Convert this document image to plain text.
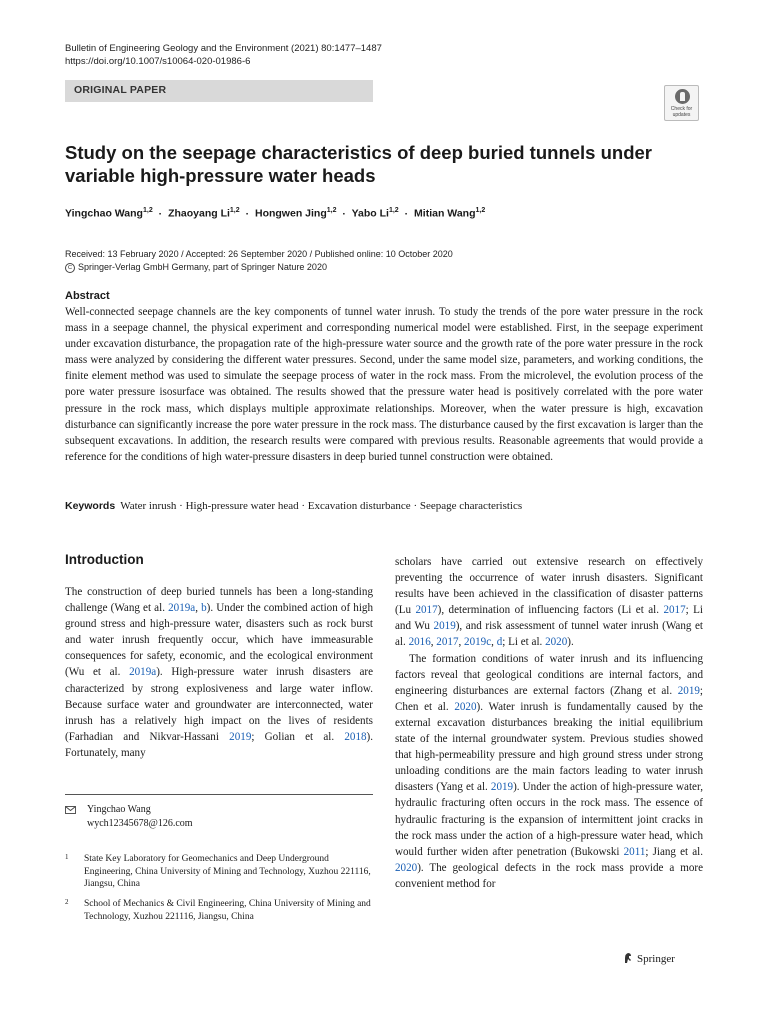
Bulletin of Engineering Geology and the Environment (2021) 80:1477–1487
https://doi.org/10.1007/s10064-020-01986-6
ORIGINAL PAPER
Check for
updates
Study on the seepage characteristics of deep buried tunnels under variable high-pressure water heads
Yingchao Wang$^{1,2}$ · Zhaoyang Li$^{1,2}$ · Hongwen Jing$^{1,2}$ · Yabo Li$^{1,2}$ · Mitian Wang$^{1,2}$
Received: 13 February 2020 / Accepted: 26 September 2020 / Published online: 10 October 2020
C Springer-Verlag GmbH Germany, part of Springer Nature 2020
Abstract

Well-connected seepage channels are the key components of tunnel water inrush. To study the trends of the pore water pressure in the rock mass in a seepage channel, the physical experiment and corresponding numerical model were established. First, in the seepage experiment under excavation disturbance, the propagation rate of the high-pressure water source and the growth rate of the pore water pressure in the rock mass were analyzed by considering the different water pressures. Second, under the same model size, parameters, and working conditions, the finite element method was used to simulate the seepage process of water in the rock mass. From the microlevel, the evolution process of the pore water pressure isosurface was obtained. The results showed that the pressure water head is positively correlated with the pore water pressure in the rock mass, which displays multiple approximate relationships. Moreover, when the water pressure is high, excavation disturbance can significantly increase the pore water pressure in the rock mass. The disturbance caused by the first excavation is larger than the subsequent excavations. In addition, the research results were compared with previous results. Reasonable agreements that would provide a reference for the conditions of high water-pressure disasters in deep buried tunnel construction were obtained.

Keywords Water inrush · High-pressure water head · Excavation disturbance · Seepage characteristics
Introduction

The construction of deep buried tunnels has been a long-standing challenge (Wang et al. 2019a, b). Under the combined action of high ground stress and high-pressure water, disasters such as rock burst and water inrush frequently occur, which have immeasurable consequences for safety, economic, and the ecological environment (Wu et al. 2019a). High-pressure water inrush disasters are characterized by strong explosiveness and large water inflow. Because surface water and groundwater are interconnected, water inrush has a relatively high impact on the lives of residents (Farhadian and Nikvar-Hassani 2019; Golian et al. 2018). Fortunately, many

scholars have carried out extensive research on effectively preventing the occurrence of water inrush disasters. Significant results have been achieved in the classification of disaster patterns (Lu 2017), determination of influencing factors (Li et al. 2017; Li and Wu 2019), and risk assessment of tunnel water inrush (Wang et al. 2016, 2017, 2019c, d; Li et al. 2020).

The formation conditions of water inrush and its influencing factors reveal that geological conditions are internal factors, and engineering disturbances are external factors (Zhang et al. 2019; Chen et al. 2020). Water inrush is fundamentally caused by the external excavation disturbances breaking the initial equilibrium state of the internal groundwater system. Previous studies showed that high-permeability pressure and high ground stress under strong unloading conditions are the main factors leading to water inrush disasters (Yang et al. 2019). Under the action of high-pressure water, hydraulic fracturing often occurs in the rock mass. The essence of hydraulic fracturing is the expansion of intermittent joint cracks in the rock mass under the action of a high-pressure water head, which would further widen after penetration (Bukowski 2011; Jiang et al. 2020). The geological defects in the rock mass provide a more convenient method for

Yingchao Wang
wych12345678@126.com
1 State Key Laboratory for Geomechanics and Deep Underground Engineering, China University of Mining and Technology, Xuzhou 221116, Jiangsu, China
2 School of Mechanics & Civil Engineering, China University of Mining and Technology, Xuzhou 221116, Jiangsu, China
Springer
